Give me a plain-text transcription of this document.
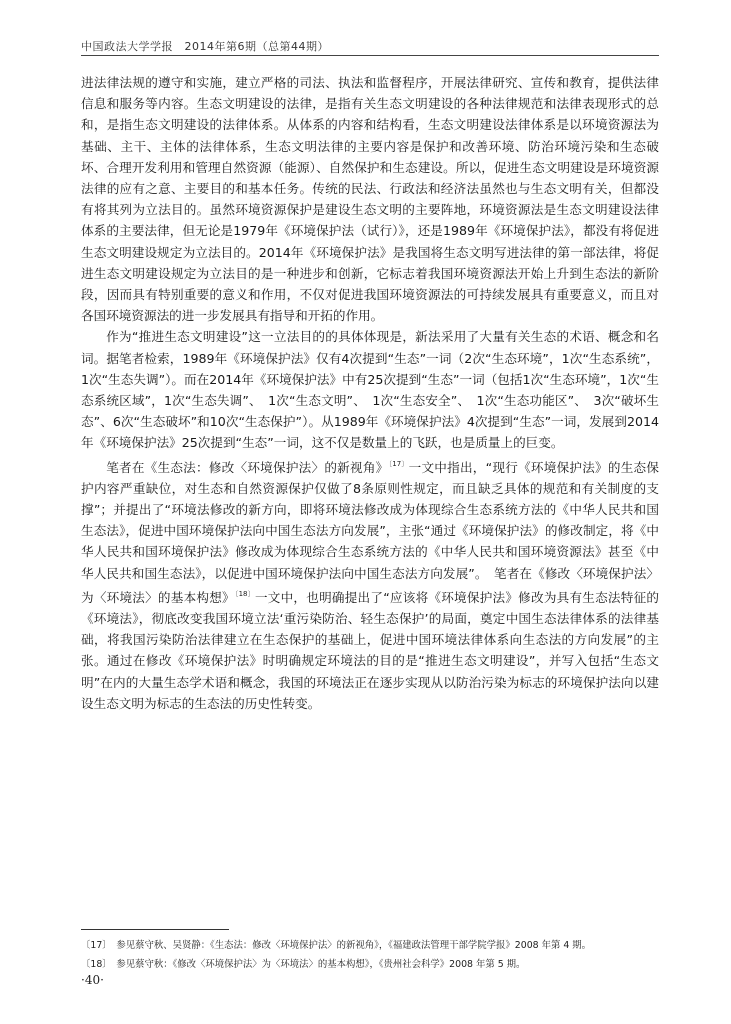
中国政法大学学报　2014年第6期（总第44期）

进法律法规的遵守和实施，建立严格的司法、执法和监督程序，开展法律研究、宣传和教育，提供法律信息和服务等内容。生态文明建设的法律，是指有关生态文明建设的各种法律规范和法律表现形式的总和，是指生态文明建设的法律体系。从体系的内容和结构看，生态文明建设法律体系是以环境资源法为基础、主干、主体的法律体系，生态文明法律的主要内容是保护和改善环境、防治环境污染和生态破坏、合理开发利用和管理自然资源（能源）、自然保护和生态建设。所以，促进生态文明建设是环境资源法律的应有之意、主要目的和基本任务。传统的民法、行政法和经济法虽然也与生态文明有关，但都没有将其列为立法目的。虽然环境资源保护是建设生态文明的主要阵地，环境资源法是生态文明建设法律体系的主要法律，但无论是1979年《环境保护法（试行）》，还是1989年《环境保护法》，都没有将促进生态文明建设规定为立法目的。2014年《环境保护法》是我国将生态文明写进法律的第一部法律，将促进生态文明建设规定为立法目的是一种进步和创新，它标志着我国环境资源法开始上升到生态法的新阶段，因而具有特别重要的意义和作用，不仅对促进我国环境资源法的可持续发展具有重要意义，而且对各国环境资源法的进一步发展具有指导和开拓的作用。

作为“推进生态文明建设”这一立法目的的具体体现是，新法采用了大量有关生态的术语、概念和名词。据笔者检索，1989年《环境保护法》仅有4次提到“生态”一词（2次“生态环境”，1次“生态系统”，1次“生态失调”）。而在2014年《环境保护法》中有25次提到“生态”一词（包括1次“生态环境”，1次“生态系统区域”，1次“生态失调”、　1次“生态文明”、　1次“生态安全”、　1次“生态功能区”、　3次“破坏生态”、6次“生态破坏”和10次“生态保护”）。从1989年《环境保护法》4次提到“生态”一词，发展到2014年《环境保护法》25次提到“生态”一词，这不仅是数量上的飞跃，也是质量上的巨变。

笔者在《生态法：修改〈环境保护法〉的新视角》$^{〔17〕}$一文中指出，“现行《环境保护法》的生态保护内容严重缺位，对生态和自然资源保护仅做了8条原则性规定，而且缺乏具体的规范和有关制度的支撑”；并提出了“环境法修改的新方向，即将环境法修改成为体现综合生态系统方法的《中华人民共和国生态法》，促进中国环境保护法向中国生态法方向发展”，主张“通过《环境保护法》的修改制定，将《中华人民共和国环境保护法》修改成为体现综合生态系统方法的《中华人民共和国环境资源法》甚至《中华人民共和国生态法》，以促进中国环境保护法向中国生态法方向发展”。　笔者在《修改〈环境保护法〉为〈环境法〉的基本构想》$^{〔18〕}$一文中，也明确提出了“应该将《环境保护法》修改为具有生态法特征的《环境法》，彻底改变我国环境立法‘重污染防治、轻生态保护’的局面，奠定中国生态法律体系的法律基础，将我国污染防治法律建立在生态保护的基础上，促进中国环境法律体系向生态法的方向发展”的主张。通过在修改《环境保护法》时明确规定环境法的目的是“推进生态文明建设”，并写入包括“生态文明”在内的大量生态学术语和概念，我国的环境法正在逐步实现从以防治污染为标志的环境保护法向以建设生态文明为标志的生态法的历史性转变。

〔17〕　参见蔡守秋、吴贤静：《生态法：修改〈环境保护法〉的新视角》，《福建政法管理干部学院学报》2008 年第 4 期。
〔18〕　参见蔡守秋：《修改〈环境保护法〉为〈环境法〉的基本构想》，《贵州社会科学》2008 年第 5 期。
·40·
